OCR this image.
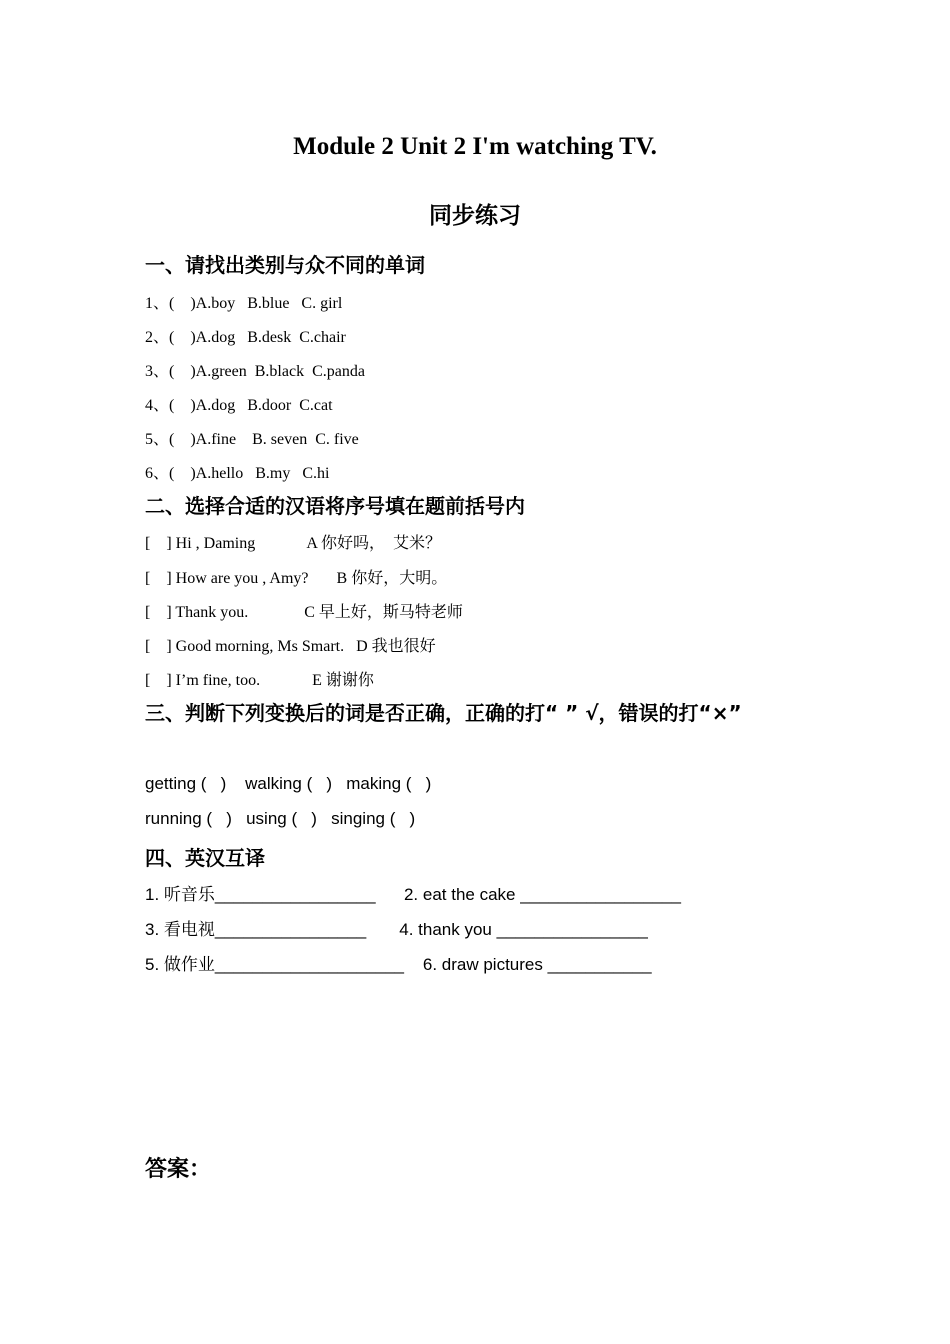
Module 2 Unit 2 I'm watching TV.
同步练习
一、请找出类别与众不同的单词
1、(    )A.boy   B.blue   C. girl
2、(    )A.dog   B.desk  C.chair
3、(    )A.green  B.black  C.panda
4、(    )A.dog   B.door  C.cat
5、(    )A.fine    B. seven  C. five
6、(    )A.hello   B.my   C.hi
二、选择合适的汉语将序号填在题前括号内
[    ] Hi , Daming             A 你好吗，  艾米？
[    ] How are you , Amy?       B 你好，大明。
[    ] Thank you.              C 早上好，斯马特老师
[    ] Good morning, Ms Smart.   D 我也很好
[    ] I’m fine, too.             E 谢谢你
三、判断下列变换后的词是否正确，正确的打“ ” √，错误的打“×”
getting (   )    walking (   )   making (   )
running (   )   using (   )   singing (   )
四、英汉互译
1. 听音乐_________________      2. eat the cake _________________
3. 看电视________________       4. thank you ________________
5. 做作业____________________    6. draw pictures ___________
答案：
